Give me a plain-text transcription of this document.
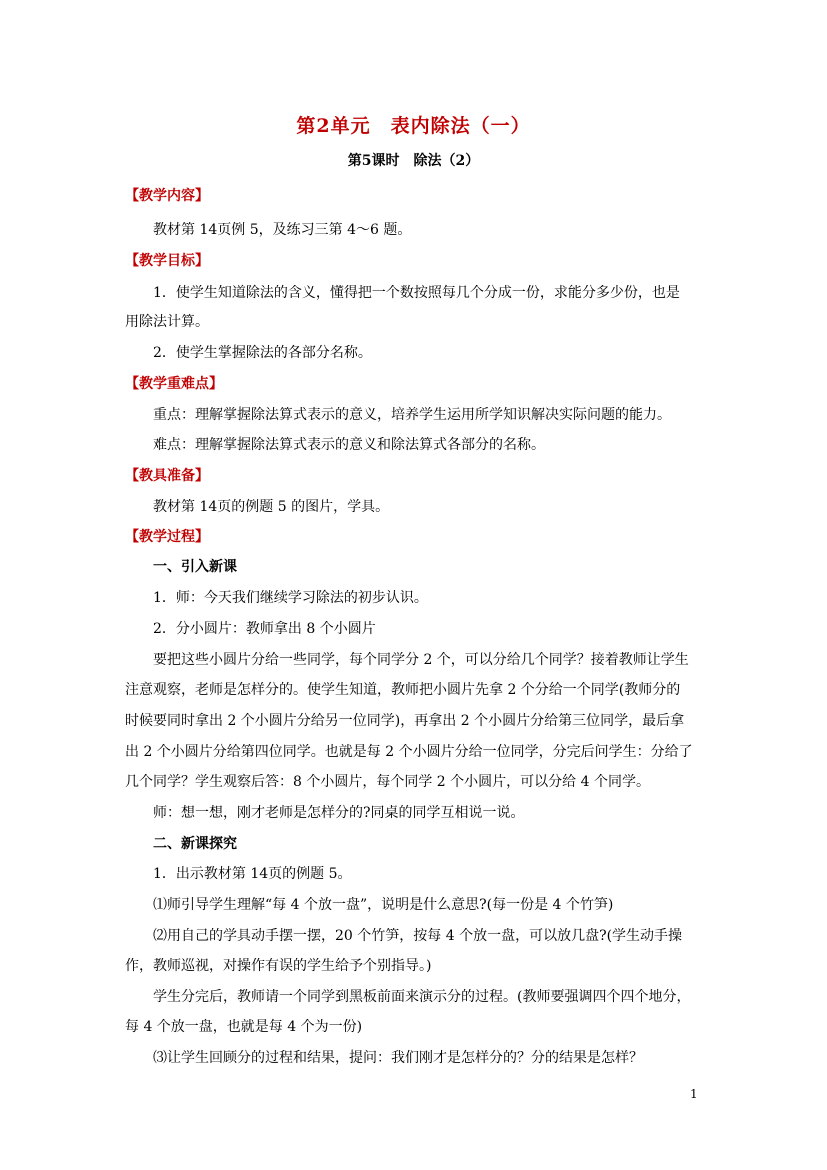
第2单元　表内除法（一）
第5课时　除法（2）
【教学内容】
教材第 14页例 5，及练习三第 4～6 题。
【教学目标】
1．使学生知道除法的含义，懂得把一个数按照每几个分成一份，求能分多少份，也是
用除法计算。
2．使学生掌握除法的各部分名称。
【教学重难点】
重点：理解掌握除法算式表示的意义，培养学生运用所学知识解决实际问题的能力。
难点：理解掌握除法算式表示的意义和除法算式各部分的名称。
【教具准备】
教材第 14页的例题 5 的图片，学具。
【教学过程】
一、引入新课
1．师：今天我们继续学习除法的初步认识。
2．分小圆片：教师拿出 8 个小圆片
要把这些小圆片分给一些同学，每个同学分 2 个，可以分给几个同学？接着教师让学生
注意观察，老师是怎样分的。使学生知道，教师把小圆片先拿 2 个分给一个同学(教师分的
时候要同时拿出 2 个小圆片分给另一位同学)，再拿出 2 个小圆片分给第三位同学，最后拿
出 2 个小圆片分给第四位同学。也就是每 2 个小圆片分给一位同学，分完后问学生：分给了
几个同学？学生观察后答：8 个小圆片，每个同学 2 个小圆片，可以分给 4 个同学。
师：想一想，刚才老师是怎样分的?同桌的同学互相说一说。
二、新课探究
1．出示教材第 14页的例题 5。
⑴师引导学生理解“每 4 个放一盘”，说明是什么意思?(每一份是 4 个竹笋)
⑵用自己的学具动手摆一摆，20 个竹笋，按每 4 个放一盘，可以放几盘?(学生动手操
作，教师巡视，对操作有误的学生给予个别指导。)
学生分完后，教师请一个同学到黑板前面来演示分的过程。(教师要强调四个四个地分，
每 4 个放一盘，也就是每 4 个为一份)
⑶让学生回顾分的过程和结果，提问：我们刚才是怎样分的？分的结果是怎样？
1
